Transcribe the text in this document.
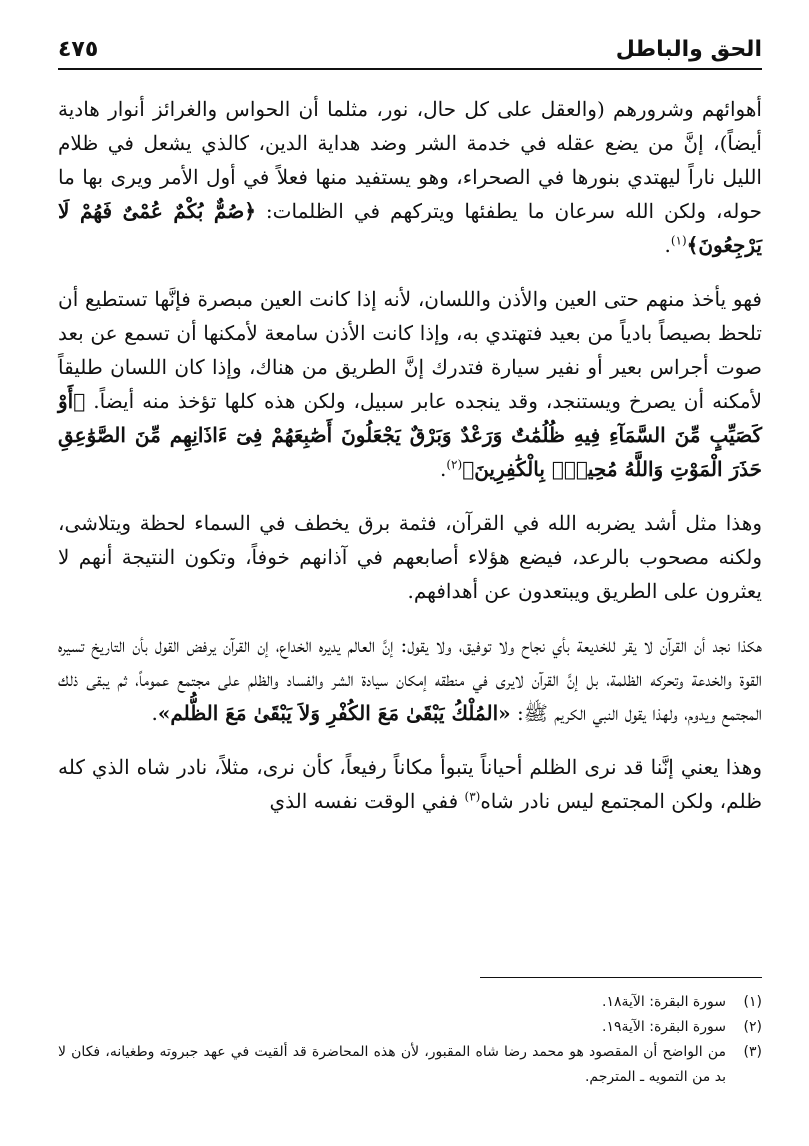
الحق والباطل
٤٧٥

أهوائهم وشرورهم (والعقل على كل حال، نور، مثلما أن الحواس والغرائز أنوار هادية أيضاً)، إنَّ من يضع عقله في خدمة الشر وضد هداية الدين، كالذي يشعل في ظلام الليل ناراً ليهتدي بنورها في الصحراء، وهو يستفيد منها فعلاً في أول الأمر ويرى بها ما حوله، ولكن الله سرعان ما يطفئها ويتركهم في الظلمات: ﴿صُمٌّ بُكْمٌ عُمْىٌ فَهُمْ لَا يَرْجِعُونَ﴾$^{(١)}$.

فهو يأخذ منهم حتى العين والأذن واللسان، لأنه إذا كانت العين مبصرة فإنَّها تستطيع أن تلحظ بصيصاً بادياً من بعيد فتهتدي به، وإذا كانت الأذن سامعة لأمكنها أن تسمع عن بعد صوت أجراس بعير أو نفير سيارة فتدرك إنَّ الطريق من هناك، وإذا كان اللسان طليقاً لأمكنه أن يصرخ ويستنجد، وقد ينجده عابر سبيل، ولكن هذه كلها تؤخذ منه أيضاً. ﴿أَوْ كَصَيِّبٍ مِّنَ السَّمَآءِ فِيهِ ظُلُمَٰتٌ وَرَعْدٌ وَبَرْقٌ يَجْعَلُونَ أَصَٰبِعَهُمْ فِىٓ ءَاذَانِهِم مِّنَ الصَّوَٰعِقِ حَذَرَ الْمَوْتِ وَاللَّهُ مُحِيطٌۢ بِالْكَٰفِرِينَ﴾$^{(٢)}$.

وهذا مثل أشد يضربه الله في القرآن، فثمة برق يخطف في السماء لحظة ويتلاشى، ولكنه مصحوب بالرعد، فيضع هؤلاء أصابعهم في آذانهم خوفاً، وتكون النتيجة أنهم لا يعثرون على الطريق ويبتعدون عن أهدافهم.

هكذا نجد أن القرآن لا يقر للخديعة بأي نجاح ولا توفيق، ولا يقول: إنَّ العالم يديره الخداع، إن القرآن يرفض القول بأن التاريخ تسيره القوة والخدعة وتحركه الظلمة، بل إنَّ القرآن لايرى في منطقه إمكان سيادة الشر والفساد والظلم على مجتمع عموماً، ثم يبقى ذلك المجتمع ويدوم، ولهذا يقول النبي الكريم ﷺ: «المُلْكُ يَبْقَىٰ مَعَ الكُفْرِ وَلاَ يَبْقَىٰ مَعَ الظُّلم».

وهذا يعني إنَّنا قد نرى الظلم أحياناً يتبوأ مكاناً رفيعاً، كأن نرى، مثلاً، نادر شاه الذي كله ظلم، ولكن المجتمع ليس نادر شاه$^{(٣)}$ ففي الوقت نفسه الذي

(١)
سورة البقرة: الآية١٨.
(٢)
سورة البقرة: الآية١٩.
(٣)
من الواضح أن المقصود هو محمد رضا شاه المقبور، لأن هذه المحاضرة قد ألقيت في عهد جبروته وطغيانه، فكان لا بد من التمويه ـ المترجم.
